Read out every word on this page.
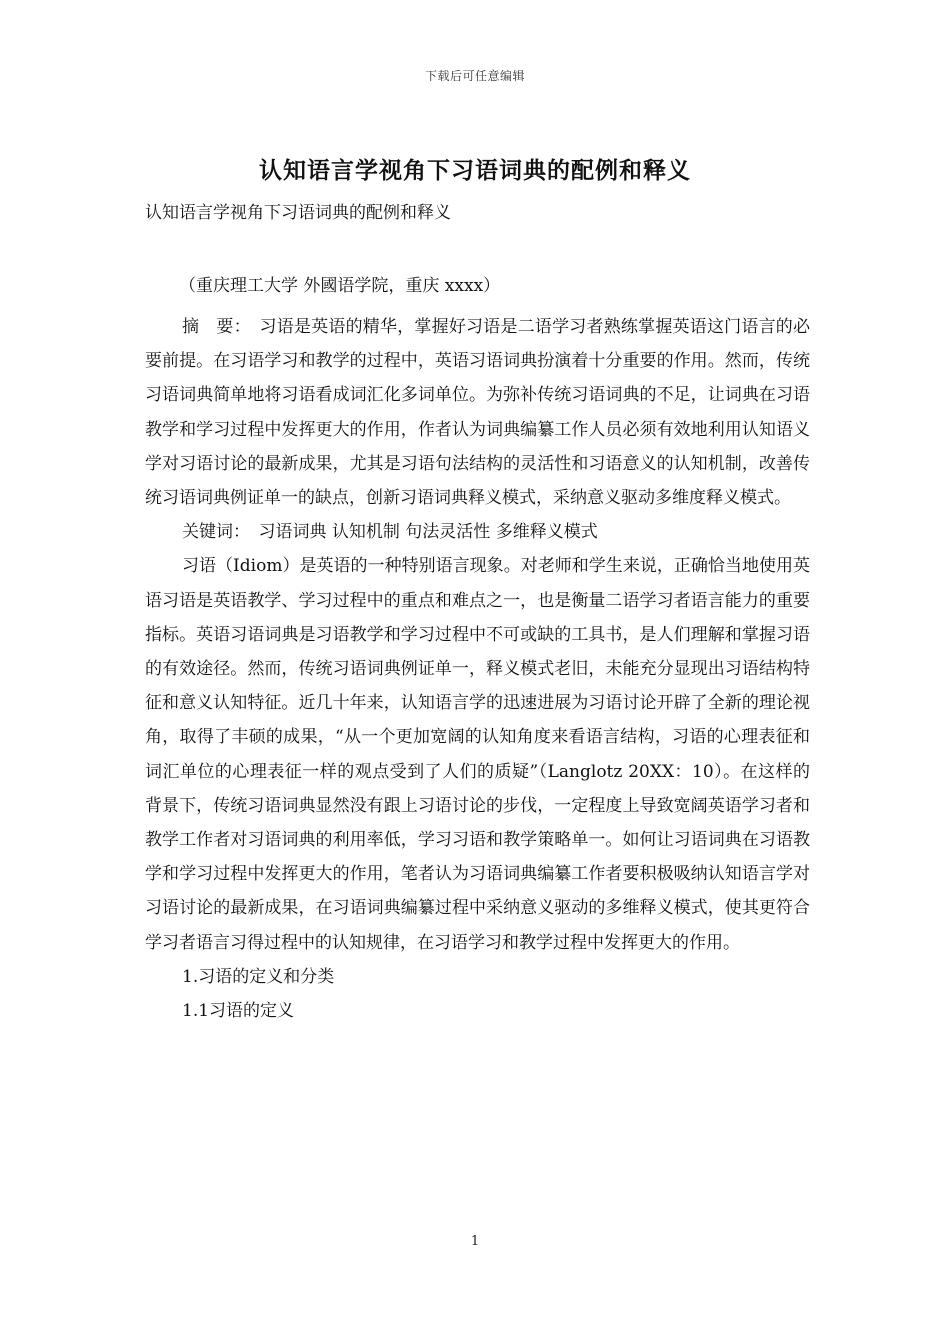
下载后可任意编辑
认知语言学视角下习语词典的配例和释义
认知语言学视角下习语词典的配例和释义
（重庆理工大学 外國语学院，重庆 xxxx）

摘　要：　习语是英语的精华，掌握好习语是二语学习者熟练掌握英语这门语言的必要前提。在习语学习和教学的过程中，英语习语词典扮演着十分重要的作用。然而，传统习语词典简单地将习语看成词汇化多词单位。为弥补传统习语词典的不足，让词典在习语教学和学习过程中发挥更大的作用，作者认为词典编纂工作人员必须有效地利用认知语义学对习语讨论的最新成果，尤其是习语句法结构的灵活性和习语意义的认知机制，改善传统习语词典例证单一的缺点，创新习语词典释义模式，采纳意义驱动多维度释义模式。

关键词：　习语词典 认知机制 句法灵活性 多维释义模式

习语（Idiom）是英语的一种特别语言现象。对老师和学生来说，正确恰当地使用英语习语是英语教学、学习过程中的重点和难点之一，也是衡量二语学习者语言能力的重要指标。英语习语词典是习语教学和学习过程中不可或缺的工具书，是人们理解和掌握习语的有效途径。然而，传统习语词典例证单一，释义模式老旧，未能充分显现出习语结构特征和意义认知特征。近几十年来，认知语言学的迅速进展为习语讨论开辟了全新的理论视角，取得了丰硕的成果，“从一个更加宽阔的认知角度来看语言结构，习语的心理表征和词汇单位的心理表征一样的观点受到了人们的质疑”（Langlotz 20XX：10）。在这样的背景下，传统习语词典显然没有跟上习语讨论的步伐，一定程度上导致宽阔英语学习者和教学工作者对习语词典的利用率低，学习习语和教学策略单一。如何让习语词典在习语教学和学习过程中发挥更大的作用，笔者认为习语词典编纂工作者要积极吸纳认知语言学对习语讨论的最新成果，在习语词典编纂过程中采纳意义驱动的多维释义模式，使其更符合学习者语言习得过程中的认知规律，在习语学习和教学过程中发挥更大的作用。

1.习语的定义和分类

1.1习语的定义

1
